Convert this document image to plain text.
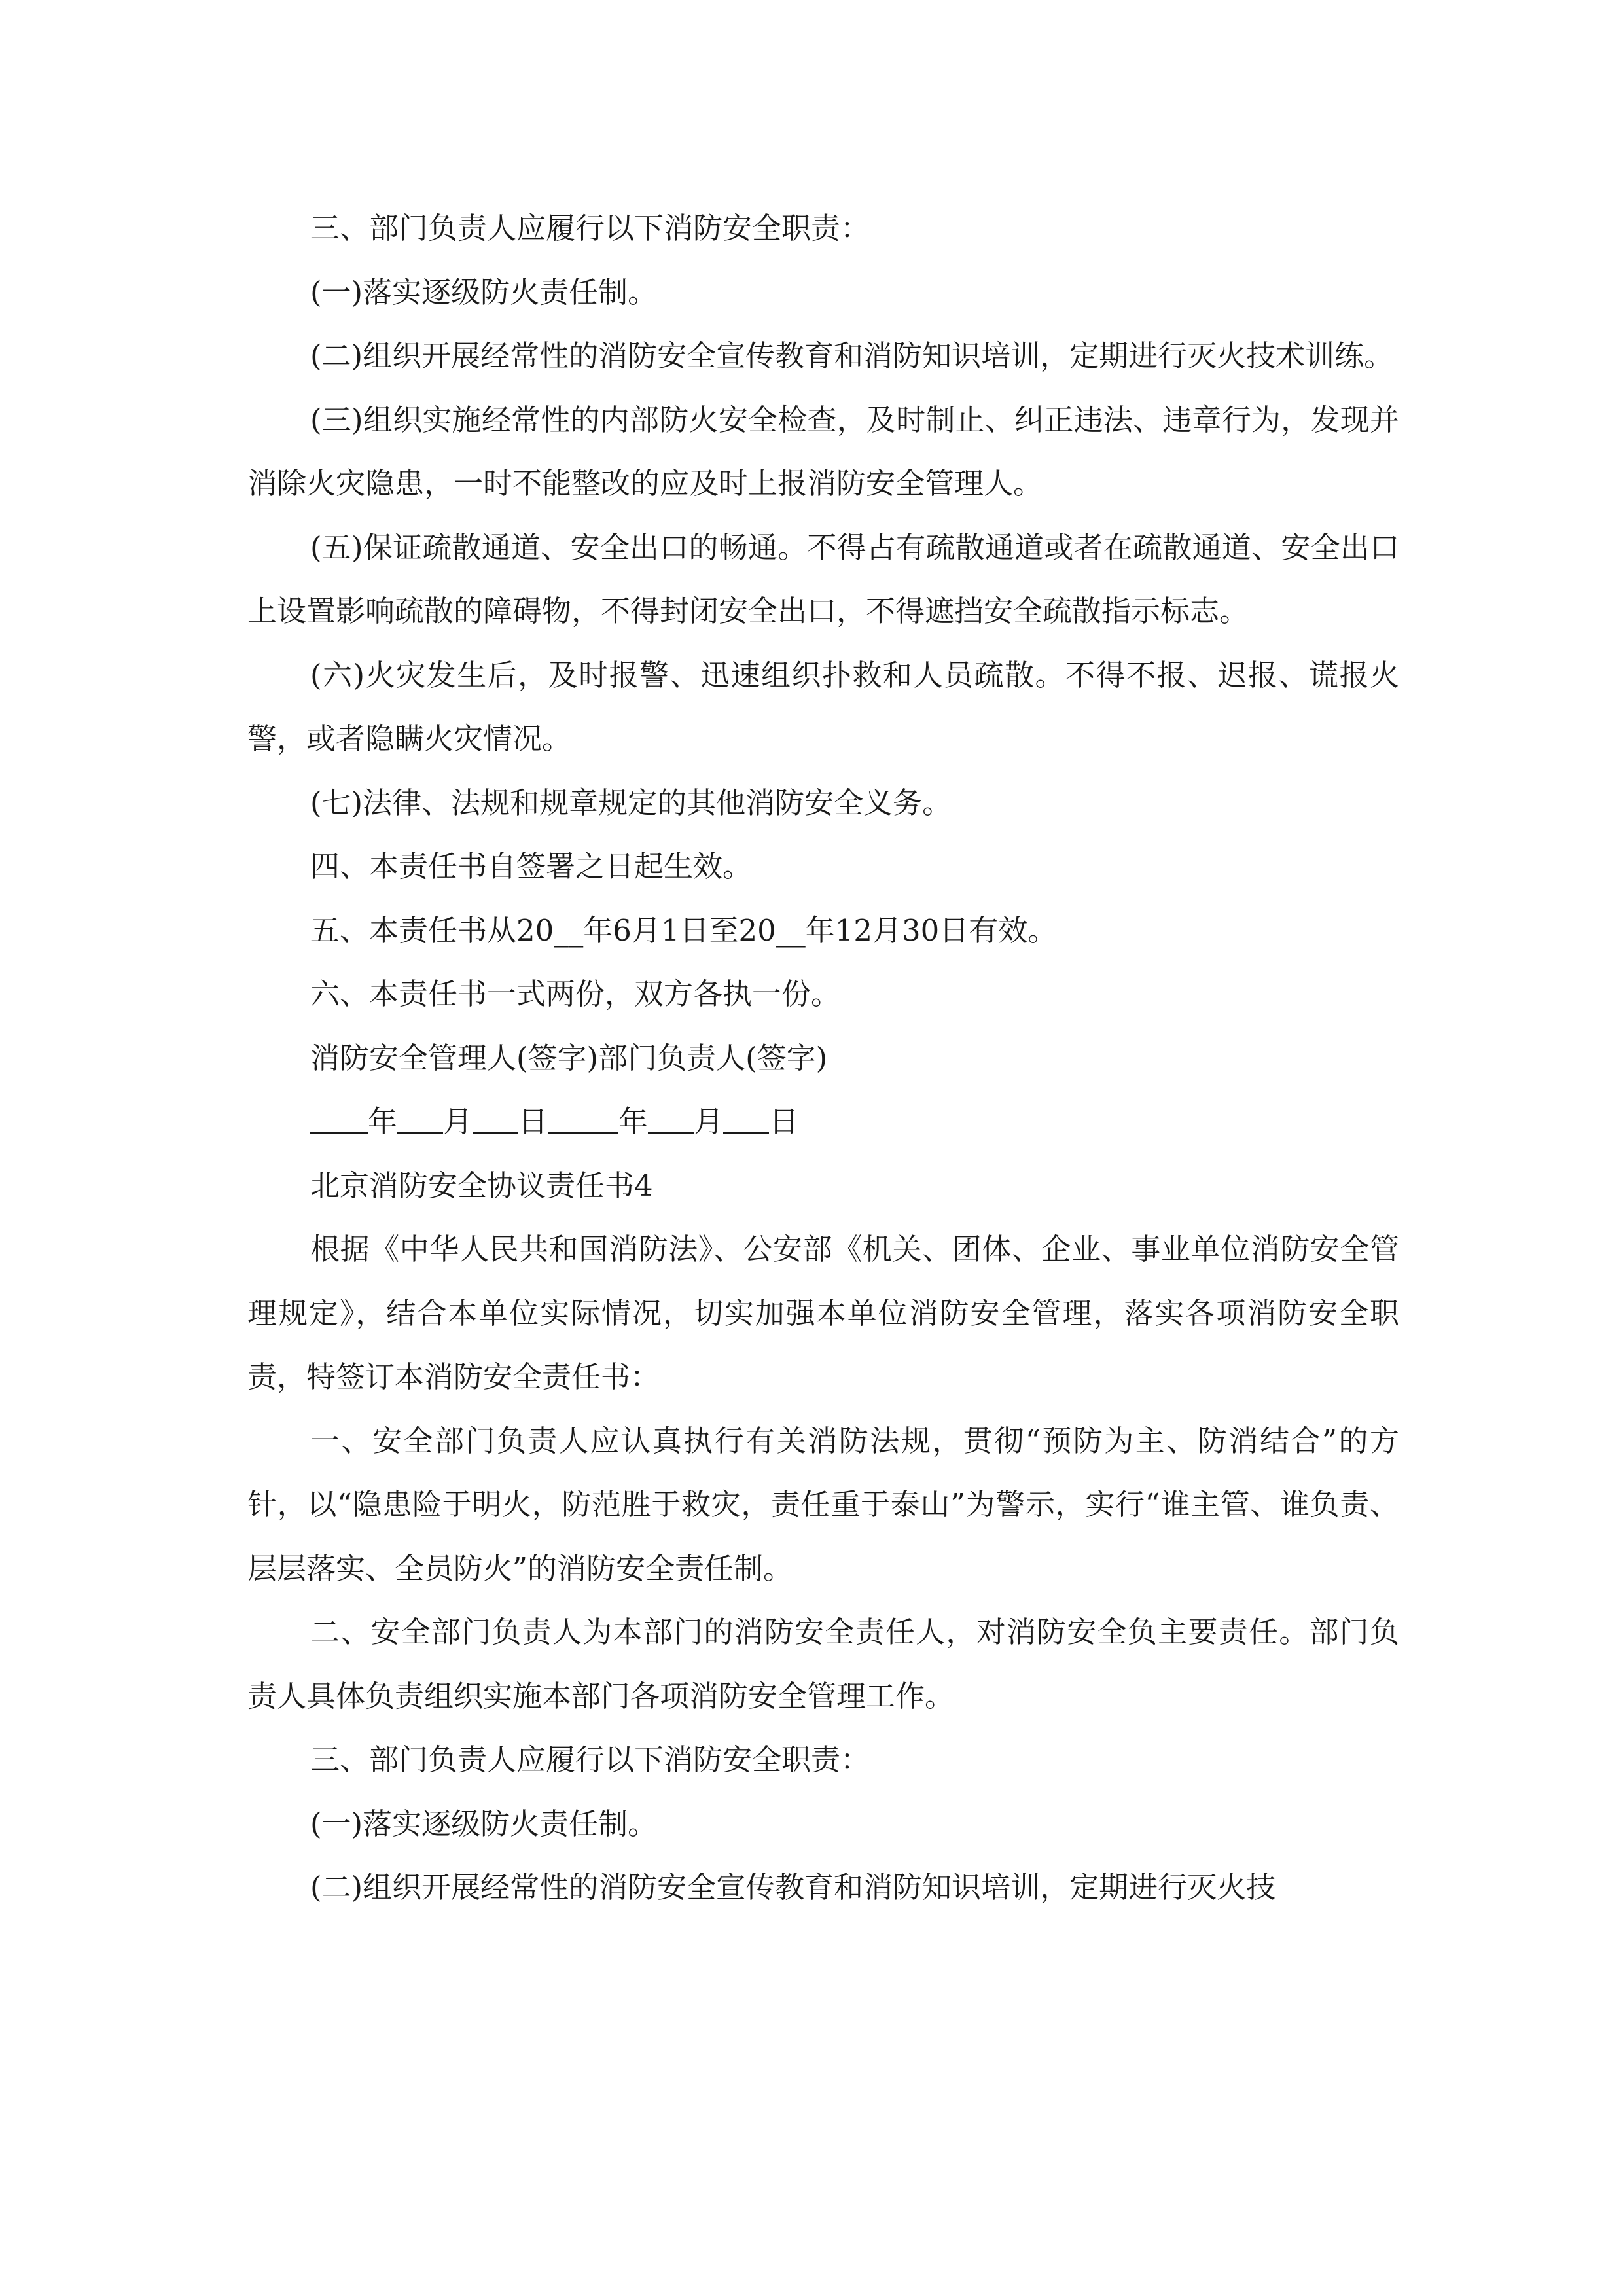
三、部门负责人应履行以下消防安全职责：

(一)落实逐级防火责任制。

(二)组织开展经常性的消防安全宣传教育和消防知识培训，定期进行灭火技术训练。

(三)组织实施经常性的内部防火安全检查，及时制止、纠正违法、违章行为，发现并消除火灾隐患，一时不能整改的应及时上报消防安全管理人。

(五)保证疏散通道、安全出口的畅通。不得占有疏散通道或者在疏散通道、安全出口上设置影响疏散的障碍物，不得封闭安全出口，不得遮挡安全疏散指示标志。

(六)火灾发生后，及时报警、迅速组织扑救和人员疏散。不得不报、迟报、谎报火警，或者隐瞒火灾情况。

(七)法律、法规和规章规定的其他消防安全义务。

四、本责任书自签署之日起生效。

五、本责任书从20__年6月1日至20__年12月30日有效。

六、本责任书一式两份，双方各执一份。

消防安全管理人(签字)部门负责人(签字)

年 月 日 年 月 日

北京消防安全协议责任书4

根据《中华人民共和国消防法》、公安部《机关、团体、企业、事业单位消防安全管理规定》，结合本单位实际情况，切实加强本单位消防安全管理，落实各项消防安全职责，特签订本消防安全责任书：

一、安全部门负责人应认真执行有关消防法规，贯彻“预防为主、防消结合”的方针，以“隐患险于明火，防范胜于救灾，责任重于泰山”为警示，实行“谁主管、谁负责、层层落实、全员防火”的消防安全责任制。

二、安全部门负责人为本部门的消防安全责任人，对消防安全负主要责任。部门负责人具体负责组织实施本部门各项消防安全管理工作。

三、部门负责人应履行以下消防安全职责：

(一)落实逐级防火责任制。

(二)组织开展经常性的消防安全宣传教育和消防知识培训，定期进行灭火技
